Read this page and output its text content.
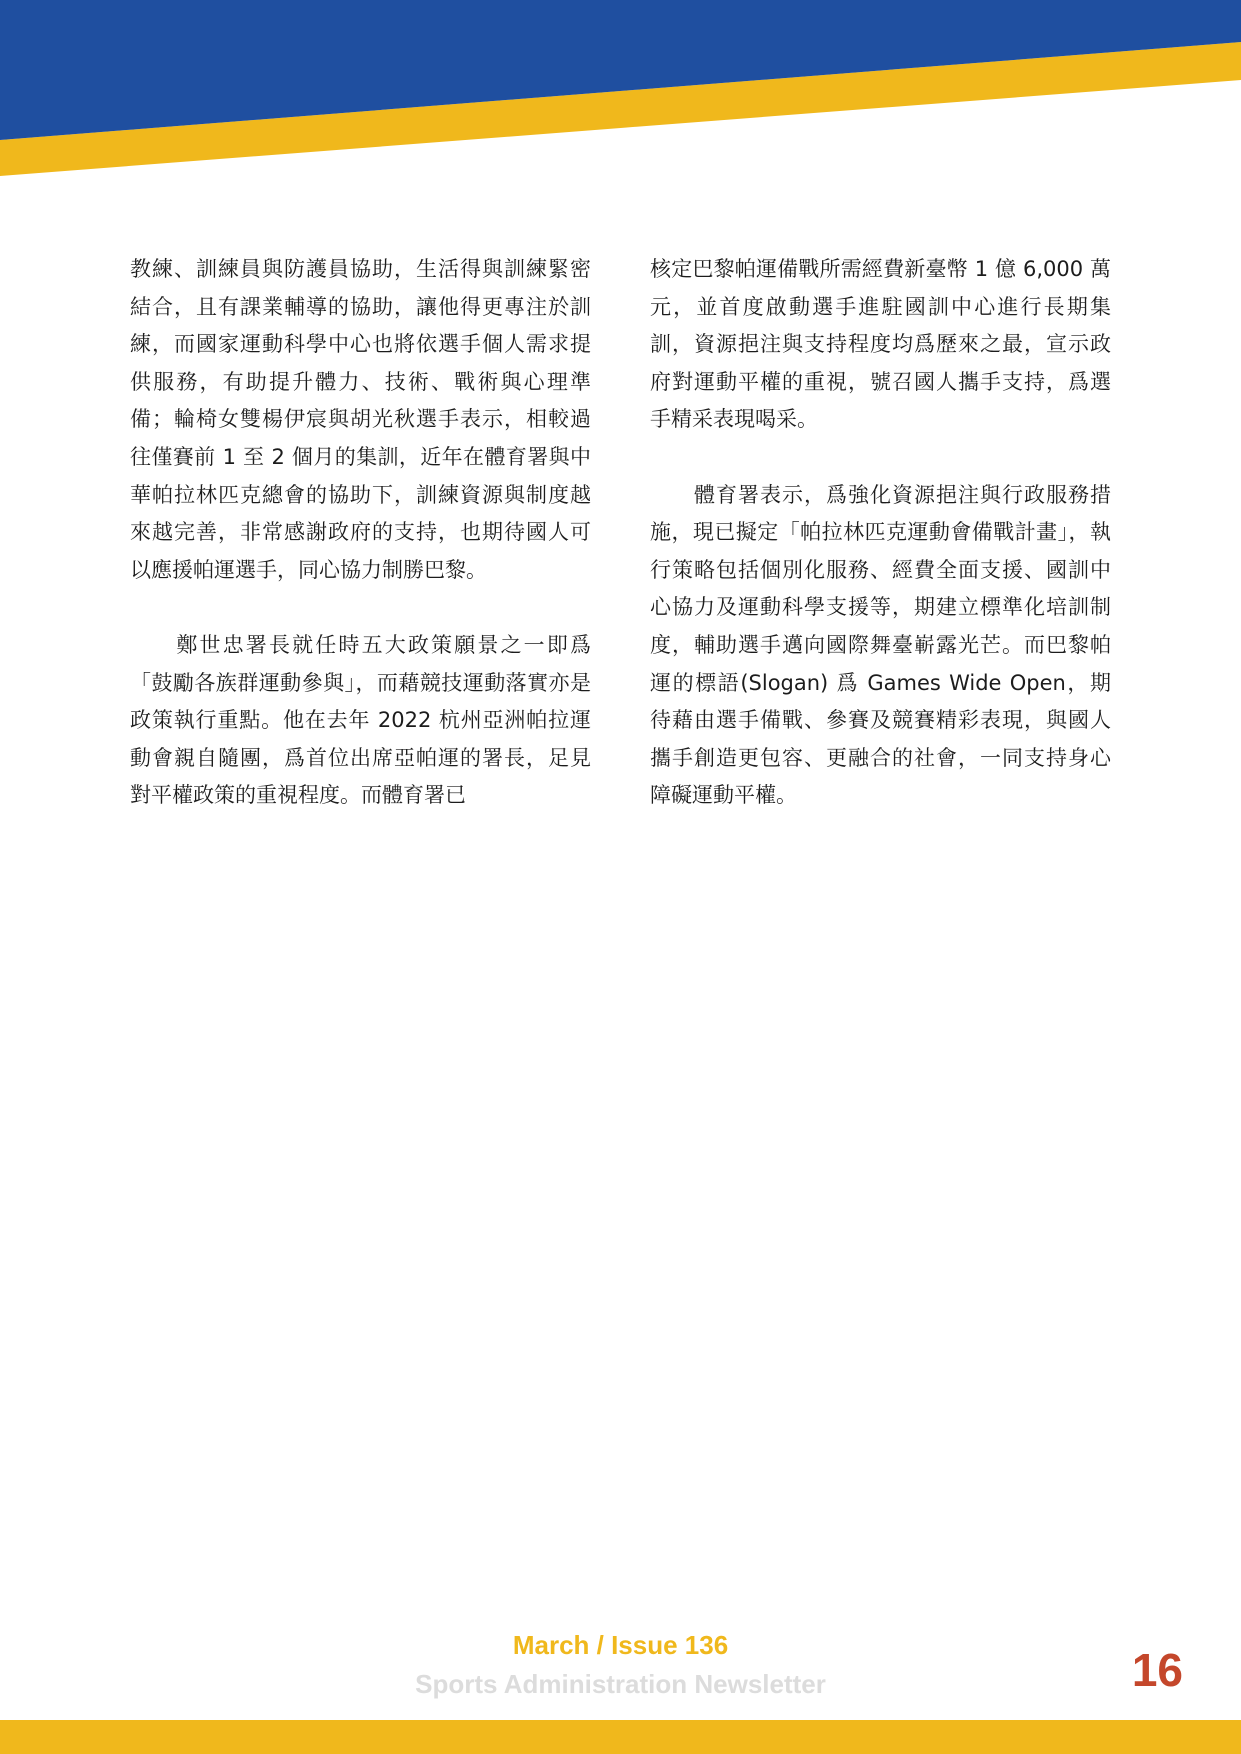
教練、訓練員與防護員協助，生活得與訓練緊密結合，且有課業輔導的協助，讓他得更專注於訓練，而國家運動科學中心也將依選手個人需求提供服務，有助提升體力、技術、戰術與心理準備；輪椅女雙楊伊宸與胡光秋選手表示，相較過往僅賽前 1 至 2 個月的集訓，近年在體育署與中華帕拉林匹克總會的協助下，訓練資源與制度越來越完善，非常感謝政府的支持，也期待國人可以應援帕運選手，同心協力制勝巴黎。

　　鄭世忠署長就任時五大政策願景之一即爲「鼓勵各族群運動參與」，而藉競技運動落實亦是政策執行重點。他在去年 2022 杭州亞洲帕拉運動會親自隨團，爲首位出席亞帕運的署長，足見對平權政策的重視程度。而體育署已

核定巴黎帕運備戰所需經費新臺幣 1 億 6,000 萬元，並首度啟動選手進駐國訓中心進行長期集訓，資源挹注與支持程度均爲歷來之最，宣示政府對運動平權的重視，號召國人攜手支持，爲選手精采表現喝采。

　　體育署表示，爲強化資源挹注與行政服務措施，現已擬定「帕拉林匹克運動會備戰計畫」，執行策略包括個別化服務、經費全面支援、國訓中心協力及運動科學支援等，期建立標準化培訓制度，輔助選手邁向國際舞臺嶄露光芒。而巴黎帕運的標語(Slogan) 爲 Games Wide Open，期待藉由選手備戰、參賽及競賽精彩表現，與國人攜手創造更包容、更融合的社會，一同支持身心障礙運動平權。

March / Issue 136
Sports Administration Newsletter	16
